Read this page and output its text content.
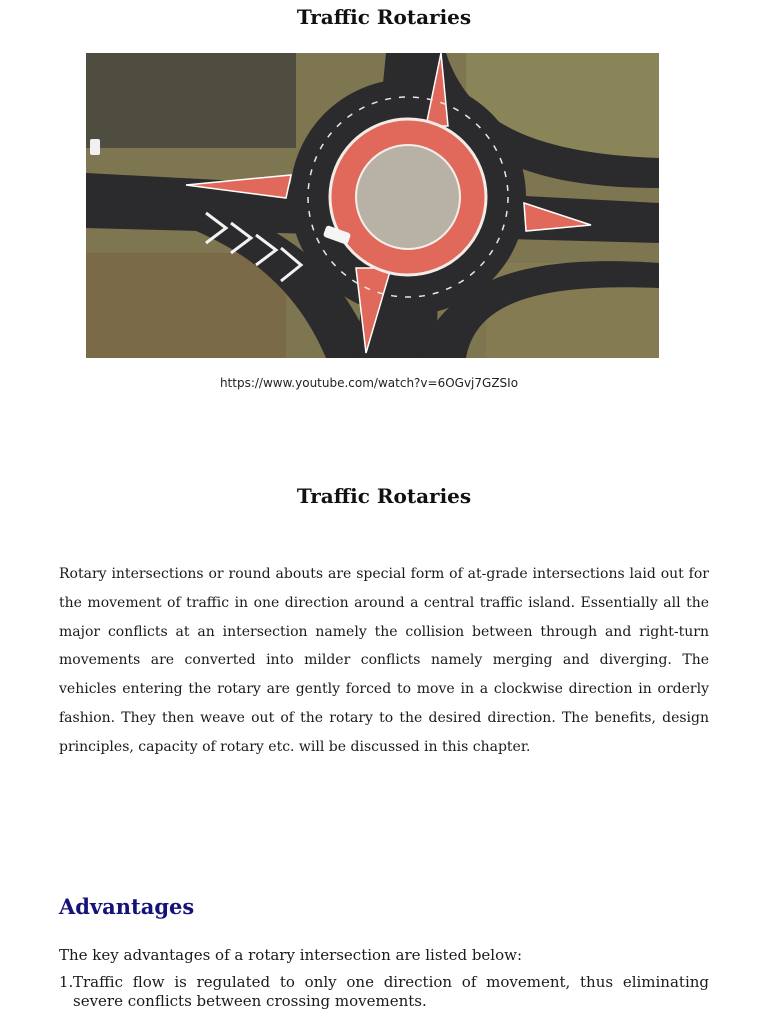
Traffic Rotaries
https://www.youtube.com/watch?v=6OGvj7GZSIo
Traffic Rotaries

Rotary intersections or round abouts are special form of at-grade intersections laid out for the movement of traffic in one direction around a central traffic island. Essentially all the major conflicts at an intersection namely the collision between through and right-turn movements are converted into milder conflicts namely merging and diverging. The vehicles entering the rotary are gently forced to move in a clockwise direction in orderly fashion. They then weave out of the rotary to the desired direction. The benefits, design principles, capacity of rotary etc. will be discussed in this chapter.

Advantages

The key advantages of a rotary intersection are listed below:

1. Traffic flow is regulated to only one direction of movement, thus eliminating severe conflicts between crossing movements.
